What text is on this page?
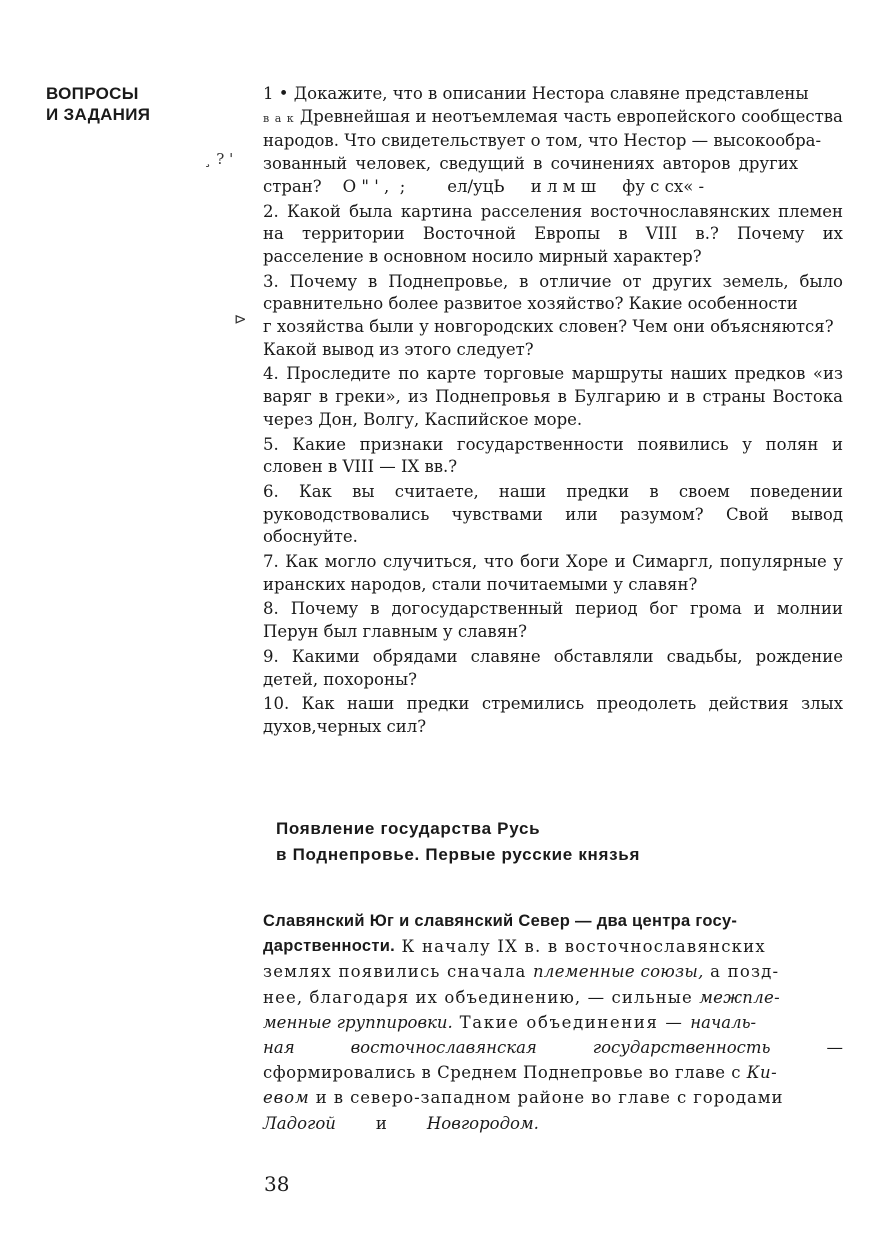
ВОПРОСЫ
И ЗАДАНИЯ
¸ ? '
⊳
1 • Докажите, что в описании Нестора славяне представлены
в а к Древнейшая и неотъемлемая часть европейского сообщества
народов. Что свидетельствует о том, что Нестор — высокообра-
зованный человек, сведущий в сочинениях авторов других
стран?    О " ' ,  ;        ел/уцЬ     и л м ш     фу с сх« -

2. Какой была картина расселения восточнославянских племен на территории Восточной Европы в VIII в.? Почему их расселение в основном носило мирный характер?

3. Почему в Поднепровье, в отличие от других земель, было сравнительно более развитое хозяйство? Какие особенности
г хозяйства были у новгородских словен? Чем они объясняются?
Какой вывод из этого следует?

4. Проследите по карте торговые маршруты наших предков «из варяг в греки», из Поднепровья в Булгарию и в страны Востока через Дон, Волгу, Каспийское море.

5. Какие признаки государственности появились у полян и словен в VIII — IX вв.?

6. Как вы считаете, наши предки в своем поведении руководствовались чувствами или разумом? Свой вывод обоснуйте.

7. Как могло случиться, что боги Хоре и Симаргл, популярные у иранских народов, стали почитаемыми у славян?

8. Почему в догосударственный период бог грома и молнии Перун был главным у славян?

9. Какими обрядами славяне обставляли свадьбы, рождение детей, похороны?

10. Как наши предки стремились преодолеть действия злых духов,черных сил?

Появление государства Русь
в Поднепровье. Первые русские князья
Славянский Юг и славянский Север — два центра госу-
дарственности. К началу IX в. в восточнославянских
землях появились сначала племенные союзы, а позд-
нее, благодаря их объединению, — сильные межпле-
менные группировки. Такие объединения — началь-
ная	восточнославянская	государственность	—
сформировались в Среднем Поднепровье во главе с Ки-
евом и в северо-западном районе во главе с городами
Ладогой и Новгородом.
38
